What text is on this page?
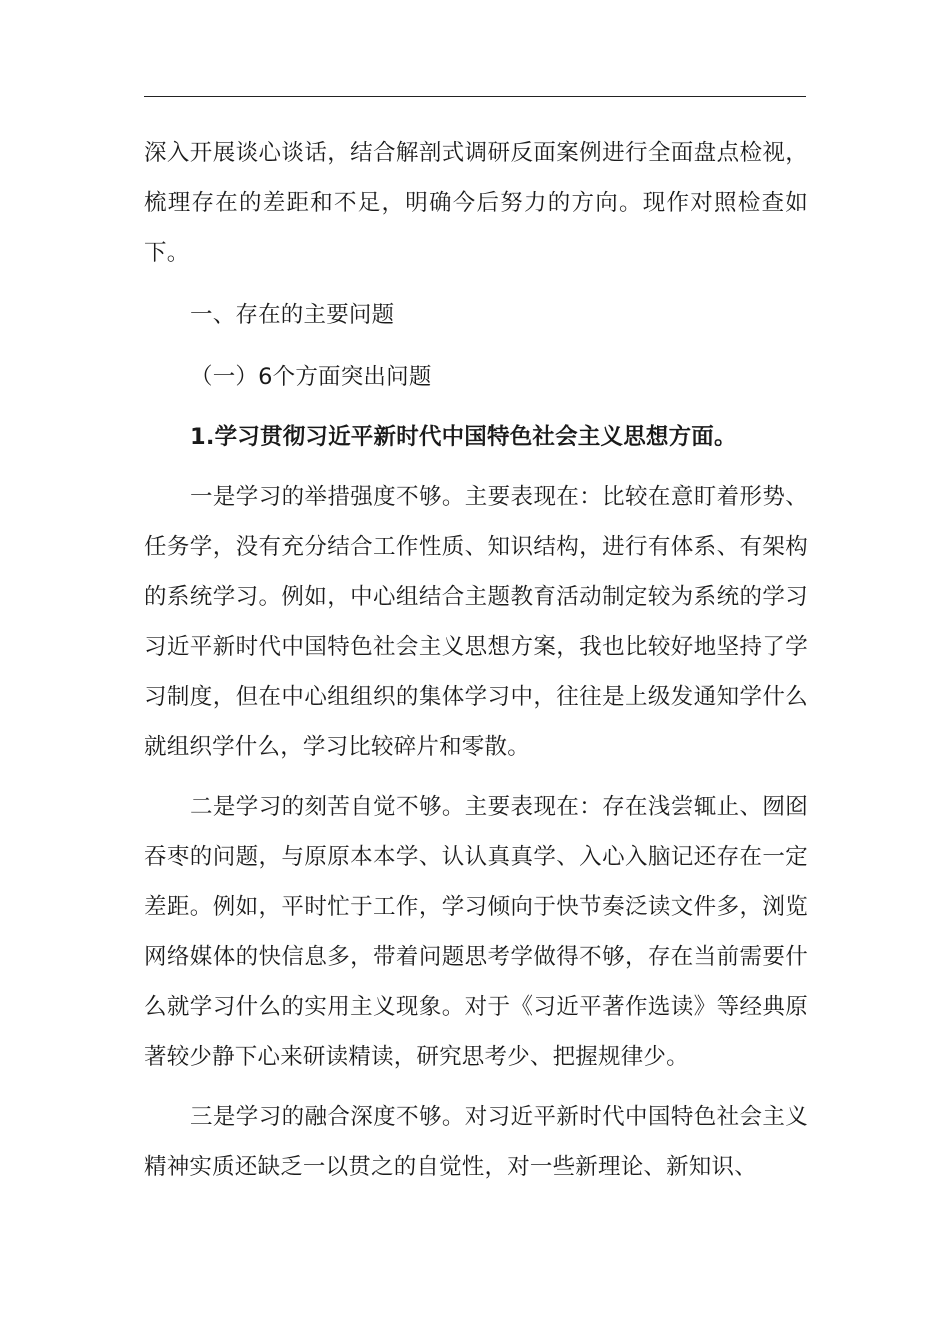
深入开展谈心谈话，结合解剖式调研反面案例进行全面盘点检视，梳理存在的差距和不足，明确今后努力的方向。现作对照检查如下。

一、存在的主要问题

（一）6个方面突出问题

1.学习贯彻习近平新时代中国特色社会主义思想方面。

一是学习的举措强度不够。主要表现在：比较在意盯着形势、任务学，没有充分结合工作性质、知识结构，进行有体系、有架构的系统学习。例如，中心组结合主题教育活动制定较为系统的学习习近平新时代中国特色社会主义思想方案，我也比较好地坚持了学习制度，但在中心组组织的集体学习中，往往是上级发通知学什么就组织学什么，学习比较碎片和零散。

二是学习的刻苦自觉不够。主要表现在：存在浅尝辄止、囫囵吞枣的问题，与原原本本学、认认真真学、入心入脑记还存在一定差距。例如，平时忙于工作，学习倾向于快节奏泛读文件多，浏览网络媒体的快信息多，带着问题思考学做得不够，存在当前需要什么就学习什么的实用主义现象。对于《习近平著作选读》等经典原著较少静下心来研读精读，研究思考少、把握规律少。

三是学习的融合深度不够。对习近平新时代中国特色社会主义精神实质还缺乏一以贯之的自觉性，对一些新理论、新知识、
